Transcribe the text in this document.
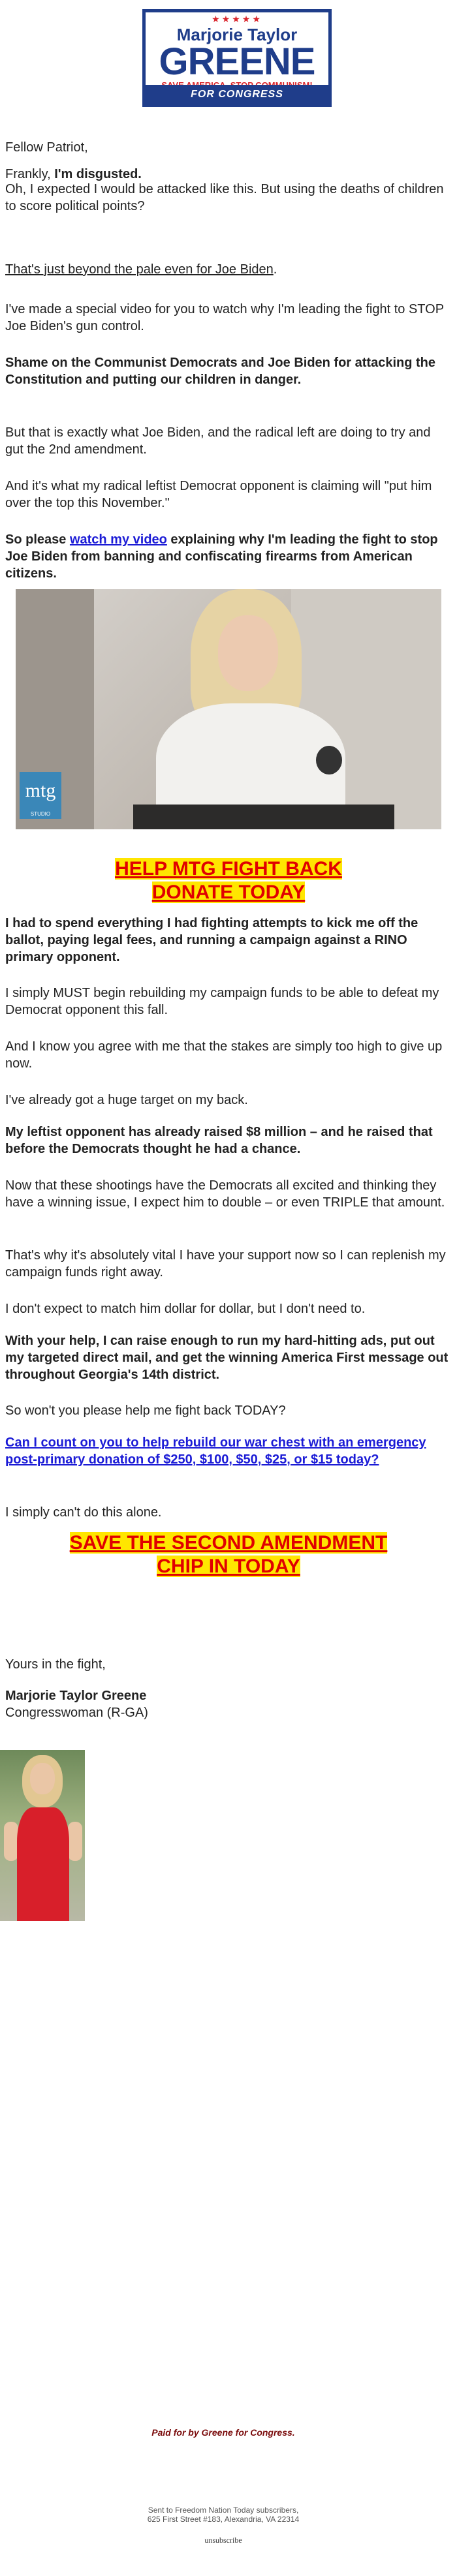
★★★★★
Marjorie Taylor
GREENE
FOR CONGRESS

Fellow Patriot,

Frankly, I'm disgusted.

Oh, I expected I would be attacked like this. But using the deaths of children to score political points?

That's just beyond the pale even for Joe Biden.

I've made a special video for you to watch why I'm leading the fight to STOP Joe Biden's gun control.

Shame on the Communist Democrats and Joe Biden for attacking the Constitution and putting our children in danger.

But that is exactly what Joe Biden, and the radical left are doing to try and gut the 2nd amendment.

And it's what my radical leftist Democrat opponent is claiming will "put him over the top this November."

So please watch my video explaining why I'm leading the fight to stop Joe Biden from banning and confiscating firearms from American citizens.

HELP MTG FIGHT BACK
DONATE TODAY

I had to spend everything I had fighting attempts to kick me off the ballot, paying legal fees, and running a campaign against a RINO primary opponent.

I simply MUST begin rebuilding my campaign funds to be able to defeat my Democrat opponent this fall.

And I know you agree with me that the stakes are simply too high to give up now.

I've already got a huge target on my back.

My leftist opponent has already raised $8 million – and he raised that before the Democrats thought he had a chance.

Now that these shootings have the Democrats all excited and thinking they have a winning issue, I expect him to double – or even TRIPLE that amount.

That's why it's absolutely vital I have your support now so I can replenish my campaign funds right away.

I don't expect to match him dollar for dollar, but I don't need to.

With your help, I can raise enough to run my hard-hitting ads, put out my targeted direct mail, and get the winning America First message out throughout Georgia's 14th district.

So won't you please help me fight back TODAY?

Can I count on you to help rebuild our war chest with an emergency post-primary donation of $250, $100, $50, $25, or $15 today?

I simply can't do this alone.

SAVE THE SECOND AMENDMENT
CHIP IN TODAY

Yours in the fight,

Marjorie Taylor Greene

Congresswoman (R-GA)

mtg
STUDIO
Paid for by Greene for Congress.
Sent to Freedom Nation Today subscribers,
625 First Street #183, Alexandria, VA 22314
unsubscribe
